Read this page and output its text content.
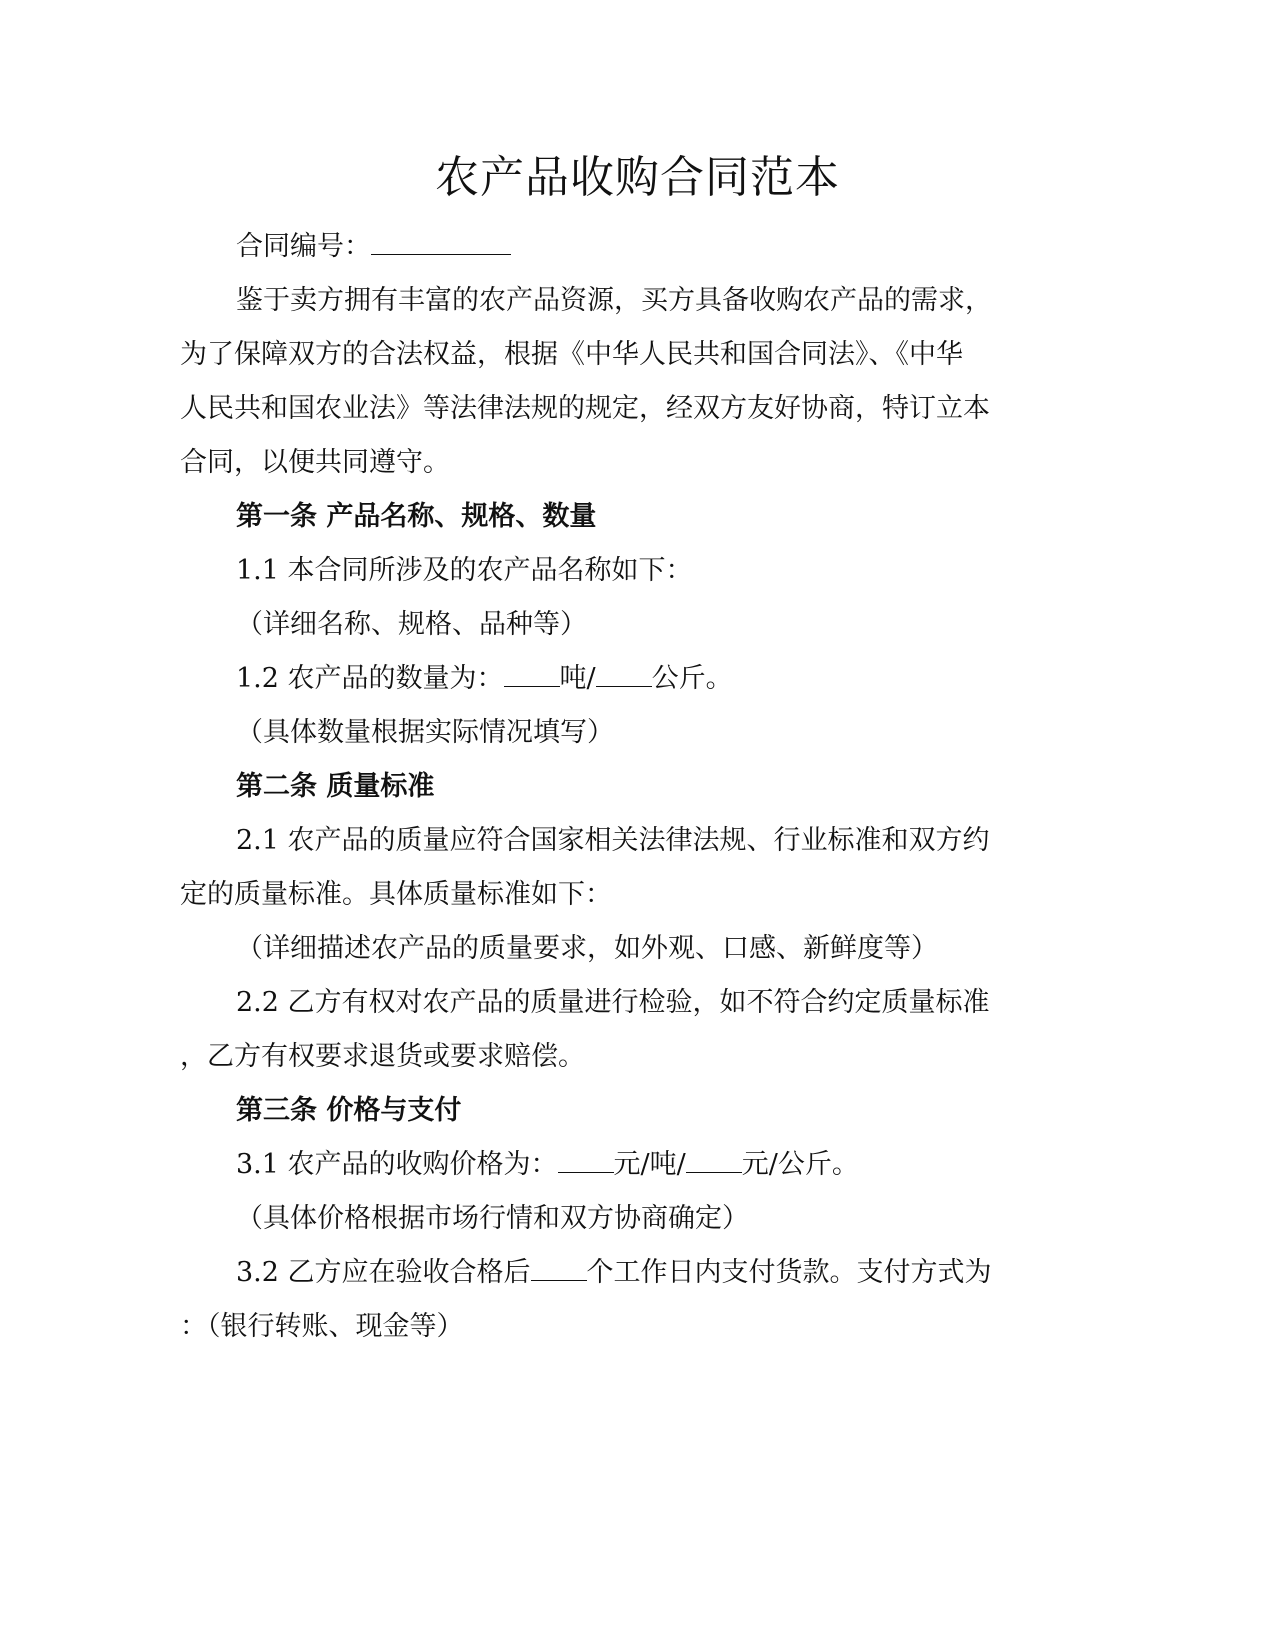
农产品收购合同范本

合同编号：

鉴于卖方拥有丰富的农产品资源，买方具备收购农产品的需求，

为了保障双方的合法权益，根据《中华人民共和国合同法》、《中华

人民共和国农业法》等法律法规的规定，经双方友好协商，特订立本

合同，以便共同遵守。

第一条 产品名称、规格、数量

1.1 本合同所涉及的农产品名称如下：

（详细名称、规格、品种等）

1.2 农产品的数量为： 吨/ 公斤。

（具体数量根据实际情况填写）

第二条 质量标准

2.1 农产品的质量应符合国家相关法律法规、行业标准和双方约

定的质量标准。具体质量标准如下：

（详细描述农产品的质量要求，如外观、口感、新鲜度等）

2.2 乙方有权对农产品的质量进行检验，如不符合约定质量标准

，乙方有权要求退货或要求赔偿。

第三条 价格与支付

3.1 农产品的收购价格为： 元/吨/ 元/公斤。

（具体价格根据市场行情和双方协商确定）

3.2 乙方应在验收合格后 个工作日内支付货款。支付方式为

：（银行转账、现金等）
